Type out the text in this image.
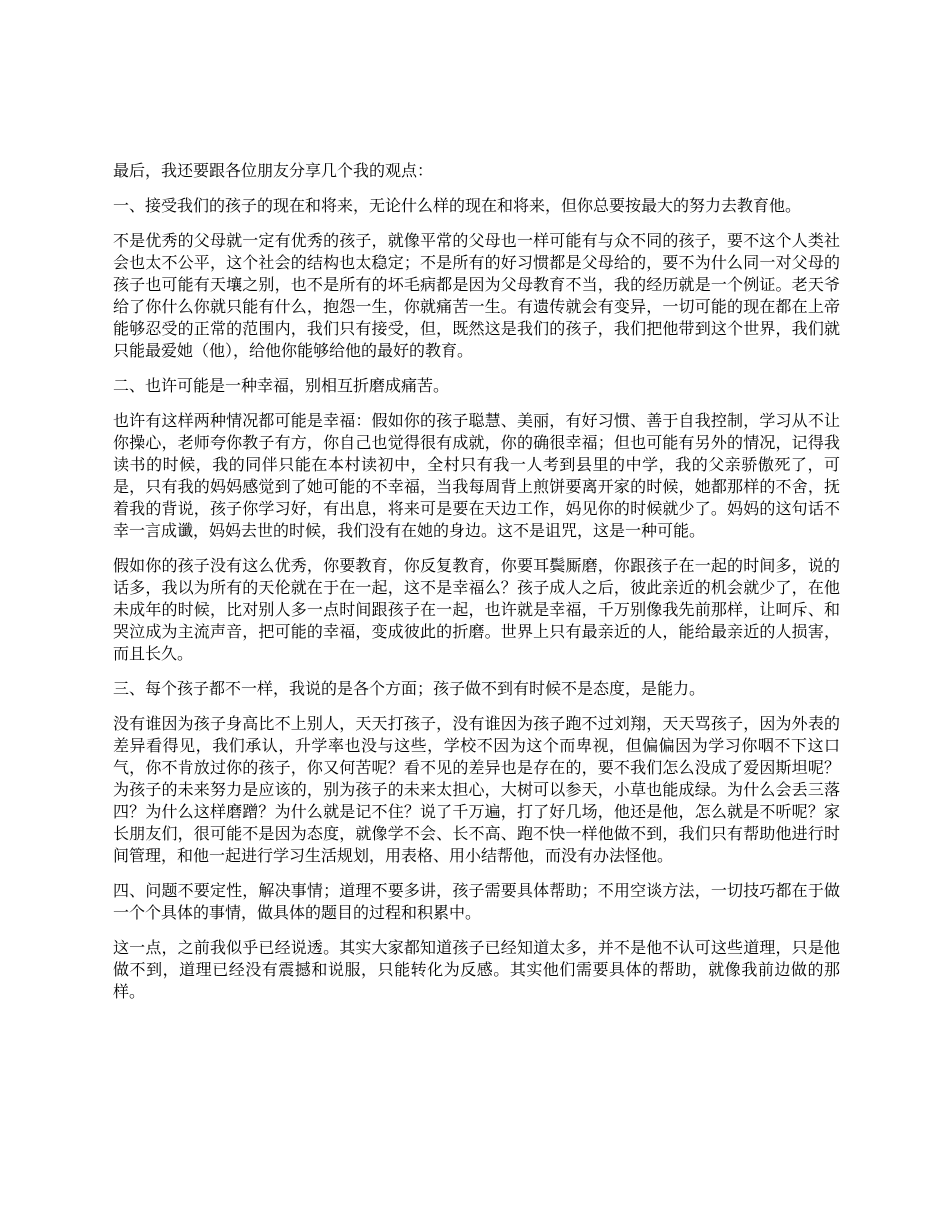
最后，我还要跟各位朋友分享几个我的观点：

一、接受我们的孩子的现在和将来，无论什么样的现在和将来，但你总要按最大的努力去教育他。

不是优秀的父母就一定有优秀的孩子，就像平常的父母也一样可能有与众不同的孩子，要不这个人类社会也太不公平，这个社会的结构也太稳定；不是所有的好习惯都是父母给的，要不为什么同一对父母的孩子也可能有天壤之别，也不是所有的坏毛病都是因为父母教育不当，我的经历就是一个例证。老天爷给了你什么你就只能有什么，抱怨一生，你就痛苦一生。有遗传就会有变异，一切可能的现在都在上帝能够忍受的正常的范围内，我们只有接受，但，既然这是我们的孩子，我们把他带到这个世界，我们就只能最爱她（他），给他你能够给他的最好的教育。

二、也许可能是一种幸福，别相互折磨成痛苦。

也许有这样两种情况都可能是幸福：假如你的孩子聪慧、美丽，有好习惯、善于自我控制，学习从不让你操心，老师夸你教子有方，你自己也觉得很有成就，你的确很幸福；但也可能有另外的情况，记得我读书的时候，我的同伴只能在本村读初中，全村只有我一人考到县里的中学，我的父亲骄傲死了，可是，只有我的妈妈感觉到了她可能的不幸福，当我每周背上煎饼要离开家的时候，她都那样的不舍，抚着我的背说，孩子你学习好，有出息，将来可是要在天边工作，妈见你的时候就少了。妈妈的这句话不幸一言成谶，妈妈去世的时候，我们没有在她的身边。这不是诅咒，这是一种可能。

假如你的孩子没有这么优秀，你要教育，你反复教育，你要耳鬓厮磨，你跟孩子在一起的时间多，说的话多，我以为所有的天伦就在于在一起，这不是幸福么？孩子成人之后，彼此亲近的机会就少了，在他未成年的时候，比对别人多一点时间跟孩子在一起，也许就是幸福，千万别像我先前那样，让呵斥、和哭泣成为主流声音，把可能的幸福，变成彼此的折磨。世界上只有最亲近的人，能给最亲近的人损害，而且长久。

三、每个孩子都不一样，我说的是各个方面；孩子做不到有时候不是态度，是能力。

没有谁因为孩子身高比不上别人，天天打孩子，没有谁因为孩子跑不过刘翔，天天骂孩子，因为外表的差异看得见，我们承认，升学率也没与这些，学校不因为这个而卑视，但偏偏因为学习你咽不下这口气，你不肯放过你的孩子，你又何苦呢？看不见的差异也是存在的，要不我们怎么没成了爱因斯坦呢？为孩子的未来努力是应该的，别为孩子的未来太担心，大树可以参天，小草也能成绿。为什么会丢三落四？为什么这样磨蹭？为什么就是记不住？说了千万遍，打了好几场，他还是他，怎么就是不听呢？家长朋友们，很可能不是因为态度，就像学不会、长不高、跑不快一样他做不到，我们只有帮助他进行时间管理，和他一起进行学习生活规划，用表格、用小结帮他，而没有办法怪他。

四、问题不要定性，解决事情；道理不要多讲，孩子需要具体帮助；不用空谈方法，一切技巧都在于做一个个具体的事情，做具体的题目的过程和积累中。

这一点，之前我似乎已经说透。其实大家都知道孩子已经知道太多，并不是他不认可这些道理，只是他做不到，道理已经没有震撼和说服，只能转化为反感。其实他们需要具体的帮助，就像我前边做的那样。
